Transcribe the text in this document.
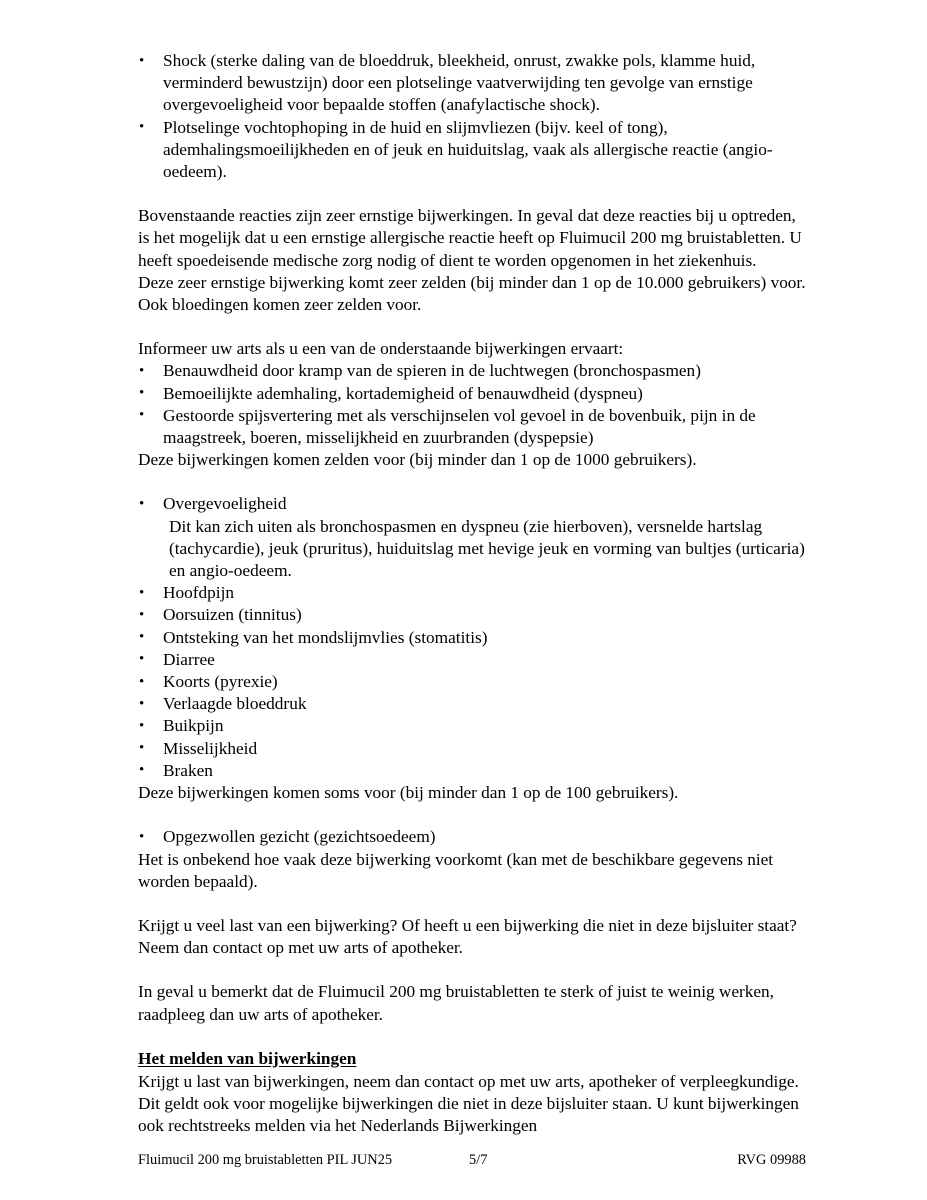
• Shock (sterke daling van de bloeddruk, bleekheid, onrust, zwakke pols, klamme huid, verminderd bewustzijn) door een plotselinge vaatverwijding ten gevolge van ernstige overgevoeligheid voor bepaalde stoffen (anafylactische shock).
• Plotselinge vochtophoping in de huid en slijmvliezen (bijv. keel of tong), ademhalingsmoeilijkheden en of jeuk en huiduitslag, vaak als allergische reactie (angio-oedeem).

Bovenstaande reacties zijn zeer ernstige bijwerkingen. In geval dat deze reacties bij u optreden, is het mogelijk dat u een ernstige allergische reactie heeft op Fluimucil 200 mg bruistabletten. U heeft spoedeisende medische zorg nodig of dient te worden opgenomen in het ziekenhuis.

Deze zeer ernstige bijwerking komt zeer zelden (bij minder dan 1 op de 10.000 gebruikers) voor. Ook bloedingen komen zeer zelden voor.

Informeer uw arts als u een van de onderstaande bijwerkingen ervaart:

• Benauwdheid door kramp van de spieren in de luchtwegen (bronchospasmen)
• Bemoeilijkte ademhaling, kortademigheid of benauwdheid (dyspneu)
• Gestoorde spijsvertering met als verschijnselen vol gevoel in de bovenbuik, pijn in de maagstreek, boeren, misselijkheid en zuurbranden (dyspepsie)

Deze bijwerkingen komen zelden voor (bij minder dan 1 op de 1000 gebruikers).

• Overgevoeligheid
Dit kan zich uiten als bronchospasmen en dyspneu (zie hierboven), versnelde hartslag (tachycardie), jeuk (pruritus), huiduitslag met hevige jeuk en vorming van bultjes (urticaria) en angio-oedeem.
• Hoofdpijn
• Oorsuizen (tinnitus)
• Ontsteking van het mondslijmvlies (stomatitis)
• Diarree
• Koorts (pyrexie)
• Verlaagde bloeddruk
• Buikpijn
• Misselijkheid
• Braken

Deze bijwerkingen komen soms voor (bij minder dan 1 op de 100 gebruikers).

• Opgezwollen gezicht (gezichtsoedeem)

Het is onbekend hoe vaak deze bijwerking voorkomt (kan met de beschikbare gegevens niet worden bepaald).

Krijgt u veel last van een bijwerking? Of heeft u een bijwerking die niet in deze bijsluiter staat? Neem dan contact op met uw arts of apotheker.

In geval u bemerkt dat de Fluimucil 200 mg bruistabletten te sterk of juist te weinig werken, raadpleeg dan uw arts of apotheker.

Het melden van bijwerkingen

Krijgt u last van bijwerkingen, neem dan contact op met uw arts, apotheker of verpleegkundige. Dit geldt ook voor mogelijke bijwerkingen die niet in deze bijsluiter staan. U kunt bijwerkingen ook rechtstreeks melden via het Nederlands Bijwerkingen

Fluimucil 200 mg bruistabletten PIL JUN25	5/7	RVG 09988
